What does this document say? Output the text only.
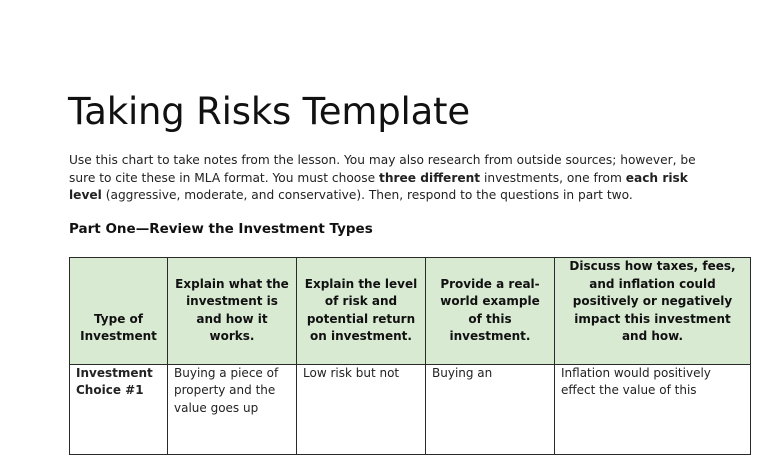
Taking Risks Template
Use this chart to take notes from the lesson. You may also research from outside sources; however, be sure to cite these in MLA format. You must choose three different investments, one from each risk level (aggressive, moderate, and conservative). Then, respond to the questions in part two.
Part One—Review the Investment Types
Type of Investment	Explain what the investment is and how it works.	Explain the level of risk and potential return on investment.	Provide a real-world example of this investment.	Discuss how taxes, fees, and inflation could positively or negatively impact this investment and how.
Investment Choice #1	Buying a piece of property and the value goes up	Low risk but not	Buying an	Inflation would positively effect the value of this
